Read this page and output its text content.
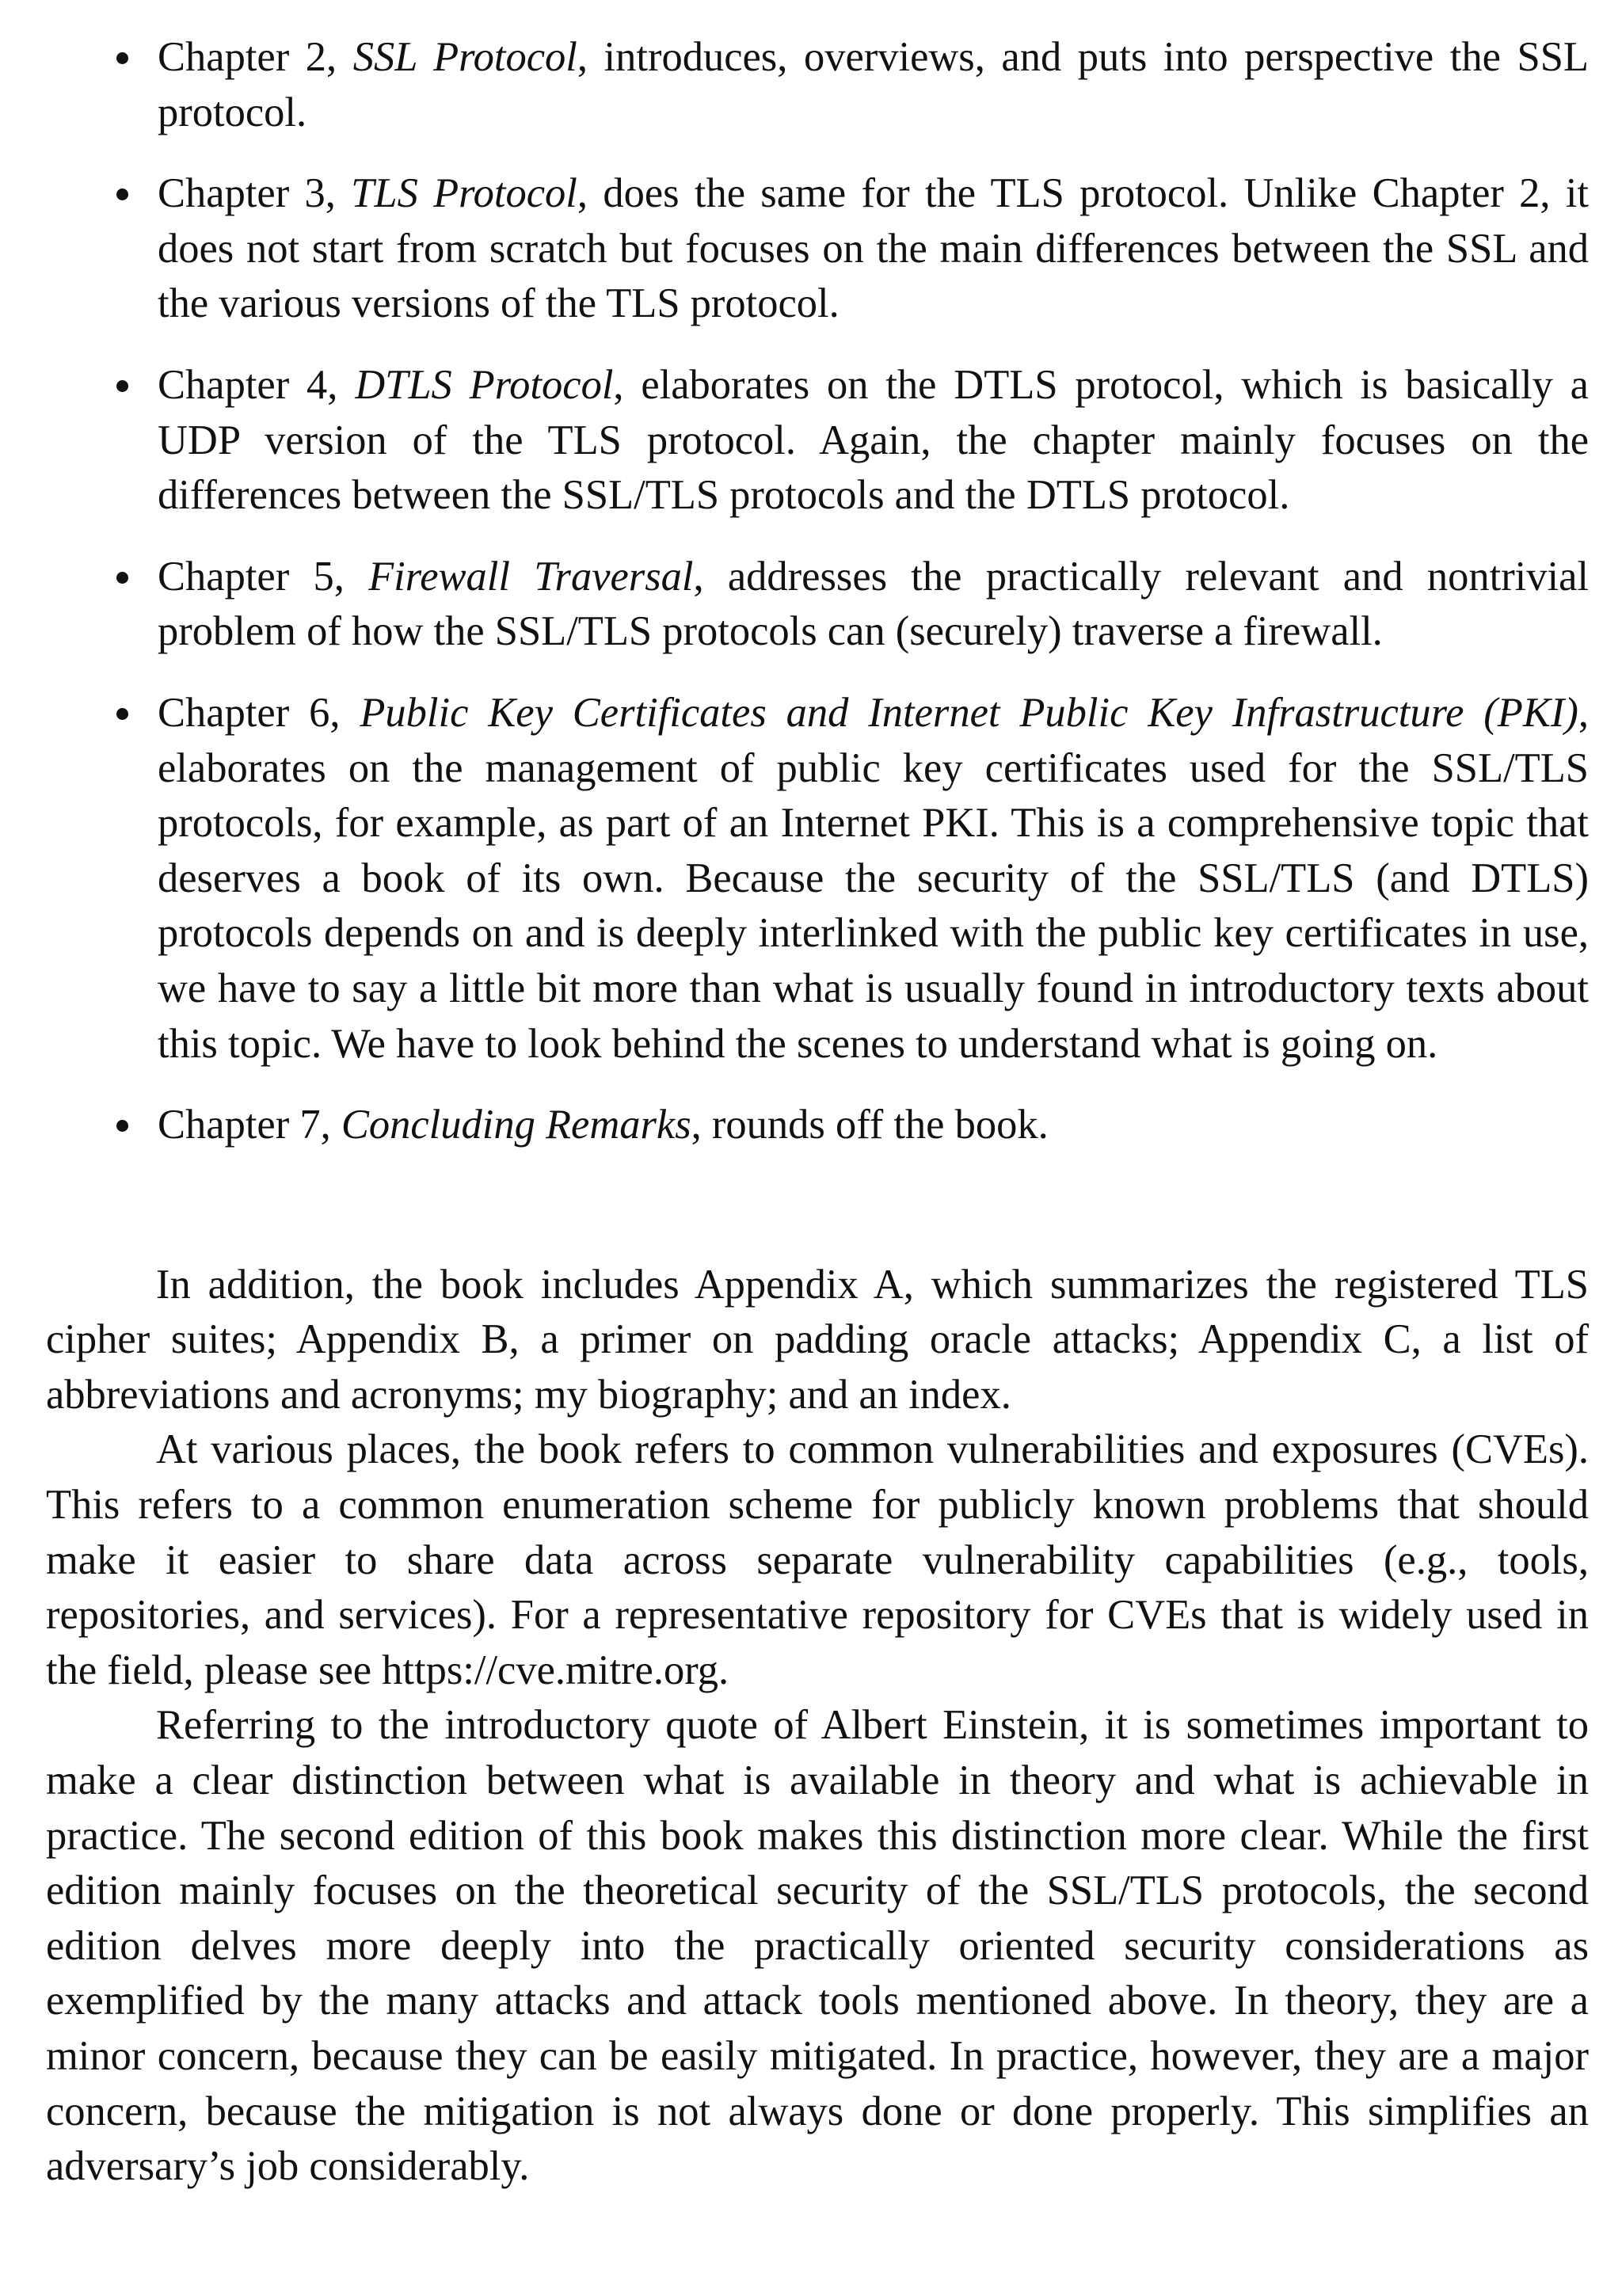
Chapter 2, SSL Protocol, introduces, overviews, and puts into perspective the SSL protocol.
Chapter 3, TLS Protocol, does the same for the TLS protocol. Unlike Chapter 2, it does not start from scratch but focuses on the main differences between the SSL and the various versions of the TLS protocol.
Chapter 4, DTLS Protocol, elaborates on the DTLS protocol, which is basically a UDP version of the TLS protocol. Again, the chapter mainly focuses on the differences between the SSL/TLS protocols and the DTLS protocol.
Chapter 5, Firewall Traversal, addresses the practically relevant and nontrivial problem of how the SSL/TLS protocols can (securely) traverse a firewall.
Chapter 6, Public Key Certificates and Internet Public Key Infrastructure (PKI), elaborates on the management of public key certificates used for the SSL/TLS protocols, for example, as part of an Internet PKI. This is a comprehensive topic that deserves a book of its own. Because the security of the SSL/TLS (and DTLS) protocols depends on and is deeply interlinked with the public key certificates in use, we have to say a little bit more than what is usually found in introductory texts about this topic. We have to look behind the scenes to understand what is going on.
Chapter 7, Concluding Remarks, rounds off the book.

In addition, the book includes Appendix A, which summarizes the registered TLS cipher suites; Appendix B, a primer on padding oracle attacks; Appendix C, a list of abbreviations and acronyms; my biography; and an index.

At various places, the book refers to common vulnerabilities and exposures (CVEs). This refers to a common enumeration scheme for publicly known problems that should make it easier to share data across separate vulnerability capabilities (e.g., tools, repositories, and services). For a representative repository for CVEs that is widely used in the field, please see https://cve.mitre.org.

Referring to the introductory quote of Albert Einstein, it is sometimes important to make a clear distinction between what is available in theory and what is achievable in practice. The second edition of this book makes this distinction more clear. While the first edition mainly focuses on the theoretical security of the SSL/TLS protocols, the second edition delves more deeply into the practically oriented security considerations as exemplified by the many attacks and attack tools mentioned above. In theory, they are a minor concern, because they can be easily mitigated. In practice, however, they are a major concern, because the mitigation is not always done or done properly. This simplifies an adversary’s job considerably.
